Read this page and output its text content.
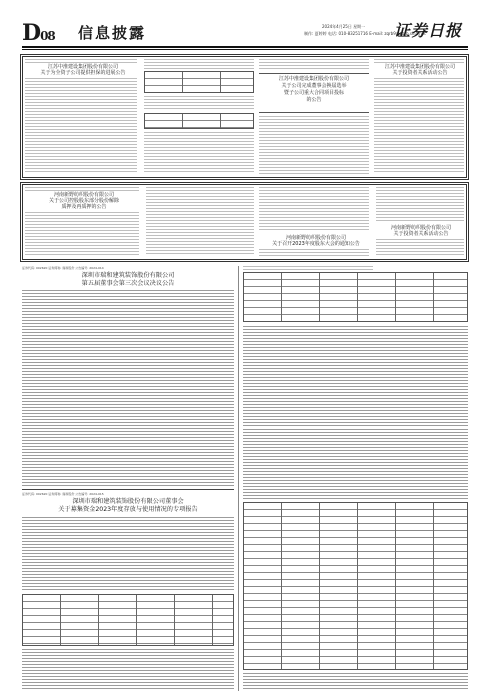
D08 信息披露	2024年4月25日 星期一
制作: 夏婷婷 电话: 010-83251716 E-mail: zqrb9@zqrb.sina.net
证券日报
江苏中淮建设集团股份有限公司
关于为全资子公司提供担保的进展公告
江苏中淮建设集团股份有限公司
关于公司完成董事会换届选举
暨子公司重大合同项目投标
的公告
江苏中淮建设集团股份有限公司
关于投资者关系活动公告
河南新野纺织股份有限公司
关于公司控股股东部分股份解除
质押及再质押的公告
河南新野纺织股份有限公司
关于召开2023年度股东大会的通知公告
河南新野纺织股份有限公司
关于投资者关系活动公告
证券代码: 002620 证券简称: 瑞和股份 公告编号: 2024-014
深圳市瑞和建筑装饰股份有限公司
第五届董事会第三次会议决议公告
证券代码: 002620 证券简称: 瑞和股份 公告编号: 2024-015
深圳市瑞和建筑装饰股份有限公司董事会
关于募集资金2023年度存放与使用情况的专项报告
